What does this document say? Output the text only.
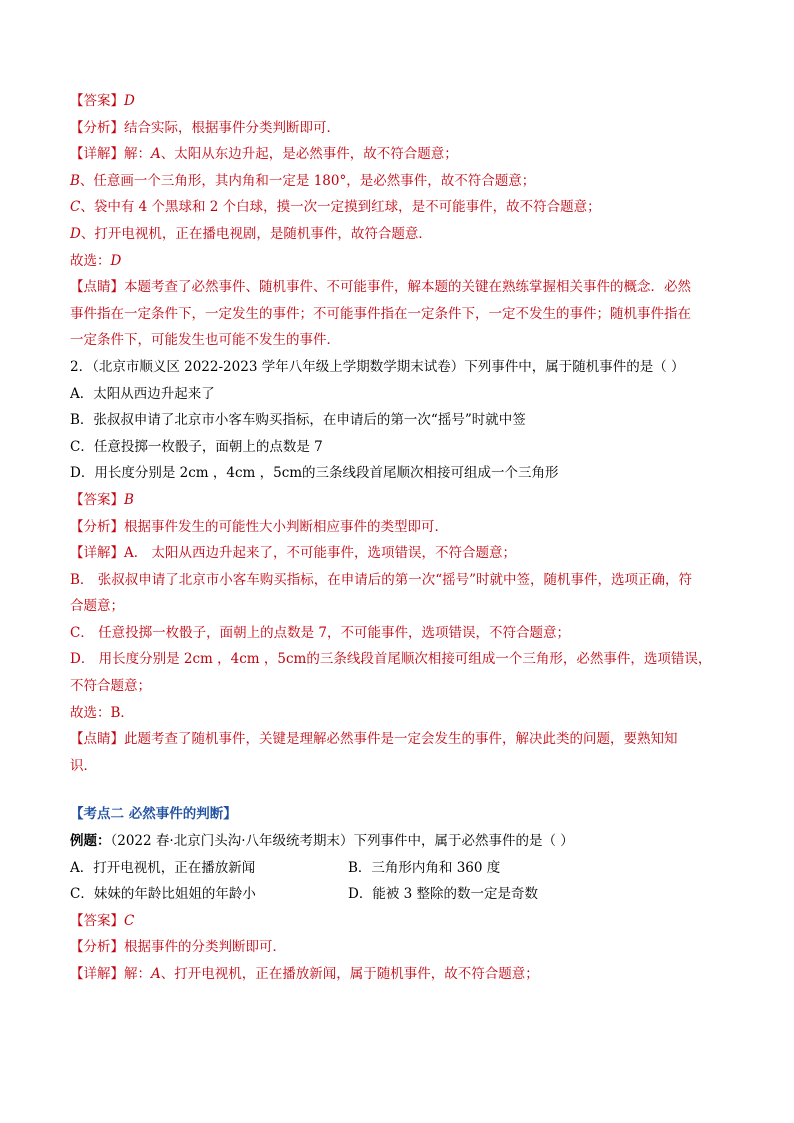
【答案】D
【分析】结合实际，根据事件分类判断即可．
【详解】解：A、太阳从东边升起，是必然事件，故不符合题意；
B、任意画一个三角形，其内角和一定是 180°，是必然事件，故不符合题意；
C、袋中有 4 个黑球和 2 个白球，摸一次一定摸到红球，是不可能事件，故不符合题意；
D、打开电视机，正在播电视剧，是随机事件，故符合题意．
故选：D
【点睛】本题考查了必然事件、随机事件、不可能事件，解本题的关键在熟练掌握相关事件的概念．必然
事件指在一定条件下，一定发生的事件；不可能事件指在一定条件下，一定不发生的事件；随机事件指在
一定条件下，可能发生也可能不发生的事件．
2．（北京市顺义区 2022-2023 学年八年级上学期数学期末试卷）下列事件中，属于随机事件的是（ ）
A．太阳从西边升起来了
B．张叔叔申请了北京市小客车购买指标，在申请后的第一次“摇号”时就中签
C．任意投掷一枚骰子，面朝上的点数是 7
D．用长度分别是 2cm ，4cm ，5cm的三条线段首尾顺次相接可组成一个三角形
【答案】B
【分析】根据事件发生的可能性大小判断相应事件的类型即可．
【详解】A． 太阳从西边升起来了，不可能事件，选项错误，不符合题意；
B． 张叔叔申请了北京市小客车购买指标，在申请后的第一次“摇号”时就中签，随机事件，选项正确，符
合题意；
C． 任意投掷一枚骰子，面朝上的点数是 7，不可能事件，选项错误，不符合题意；
D． 用长度分别是 2cm ，4cm ，5cm的三条线段首尾顺次相接可组成一个三角形，必然事件，选项错误，
不符合题意；
故选：B．
【点睛】此题考查了随机事件，关键是理解必然事件是一定会发生的事件，解决此类的问题，要熟知知
识．
【考点二 必然事件的判断】
例题：（2022 春·北京门头沟·八年级统考期末）下列事件中，属于必然事件的是（ ）
A．打开电视机，正在播放新闻	B．三角形内角和 360 度
C．妹妹的年龄比姐姐的年龄小	D．能被 3 整除的数一定是奇数
【答案】C
【分析】根据事件的分类判断即可．
【详解】解：A、打开电视机，正在播放新闻，属于随机事件，故不符合题意；
